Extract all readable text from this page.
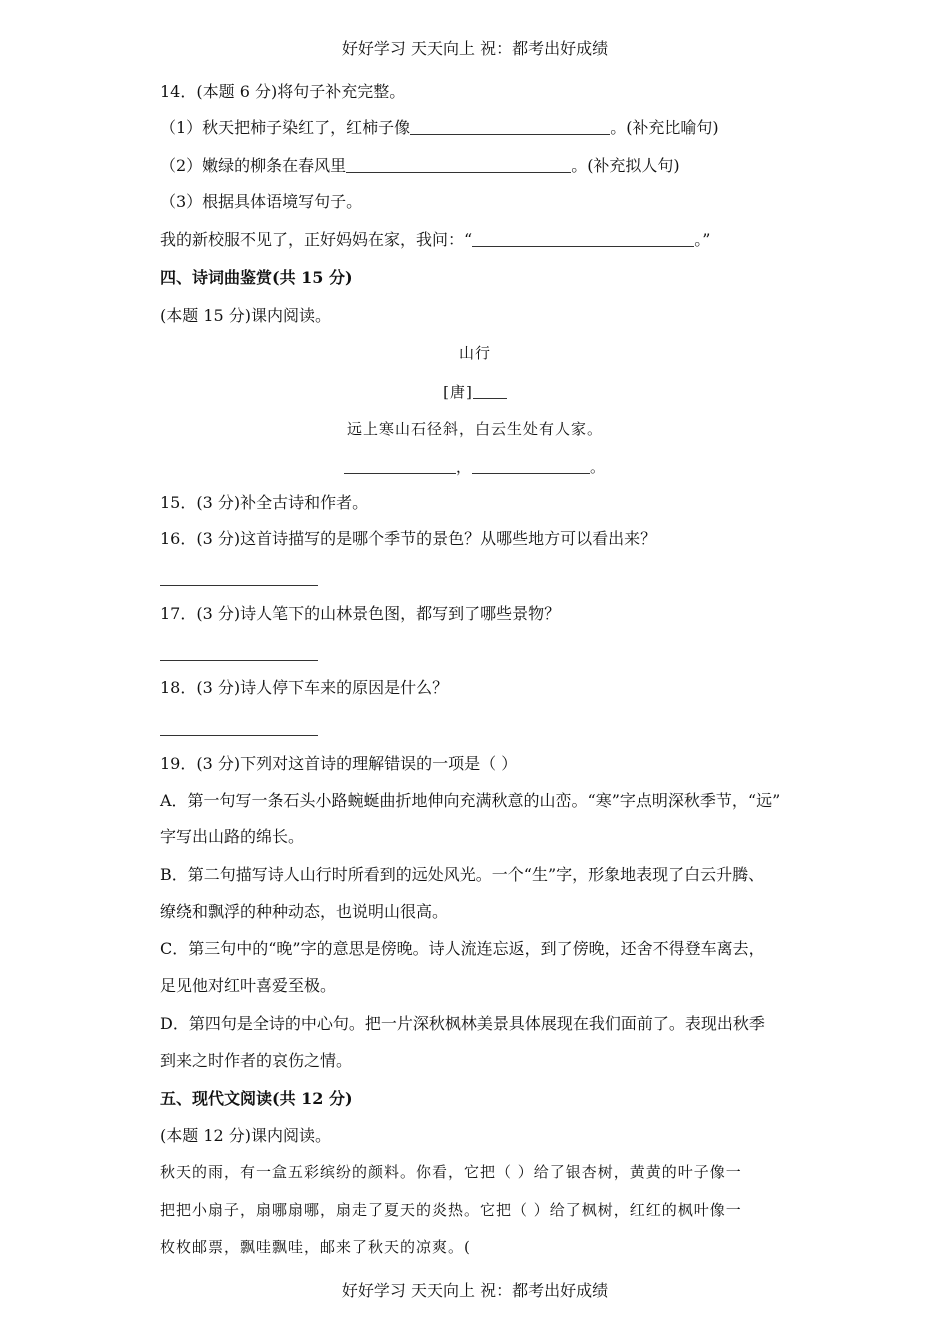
好好学习 天天向上 祝：都考出好成绩
14．(本题 6 分)将句子补充完整。
（1）秋天把柿子染红了，红柿子像	。(补充比喻句)
（2）嫩绿的柳条在春风里	。(补充拟人句)
（3）根据具体语境写句子。
我的新校服不见了，正好妈妈在家，我问：“	。”
四、诗词曲鉴赏(共 15 分)
(本题 15 分)课内阅读。
山行
[唐]
远上寒山石径斜，白云生处有人家。
，	。
15．(3 分)补全古诗和作者。
16．(3 分)这首诗描写的是哪个季节的景色？从哪些地方可以看出来？
17．(3 分)诗人笔下的山林景色图，都写到了哪些景物？
18．(3 分)诗人停下车来的原因是什么？
19．(3 分)下列对这首诗的理解错误的一项是（ ）
A．第一句写一条石头小路蜿蜒曲折地伸向充满秋意的山峦。“寒”字点明深秋季节，“远”
字写出山路的绵长。
B．第二句描写诗人山行时所看到的远处风光。一个“生”字，形象地表现了白云升腾、
缭绕和飘浮的种种动态，也说明山很高。
C．第三句中的“晚”字的意思是傍晚。诗人流连忘返，到了傍晚，还舍不得登车离去，
足见他对红叶喜爱至极。
D．第四句是全诗的中心句。把一片深秋枫林美景具体展现在我们面前了。表现出秋季
到来之时作者的哀伤之情。
五、现代文阅读(共 12 分)
(本题 12 分)课内阅读。
秋天的雨，有一盒五彩缤纷的颜料。你看，它把（ ）给了银杏树，黄黄的叶子像一
把把小扇子，扇哪扇哪，扇走了夏天的炎热。它把（ ）给了枫树，红红的枫叶像一
枚枚邮票，飘哇飘哇，邮来了秋天的凉爽。(
好好学习 天天向上 祝：都考出好成绩
